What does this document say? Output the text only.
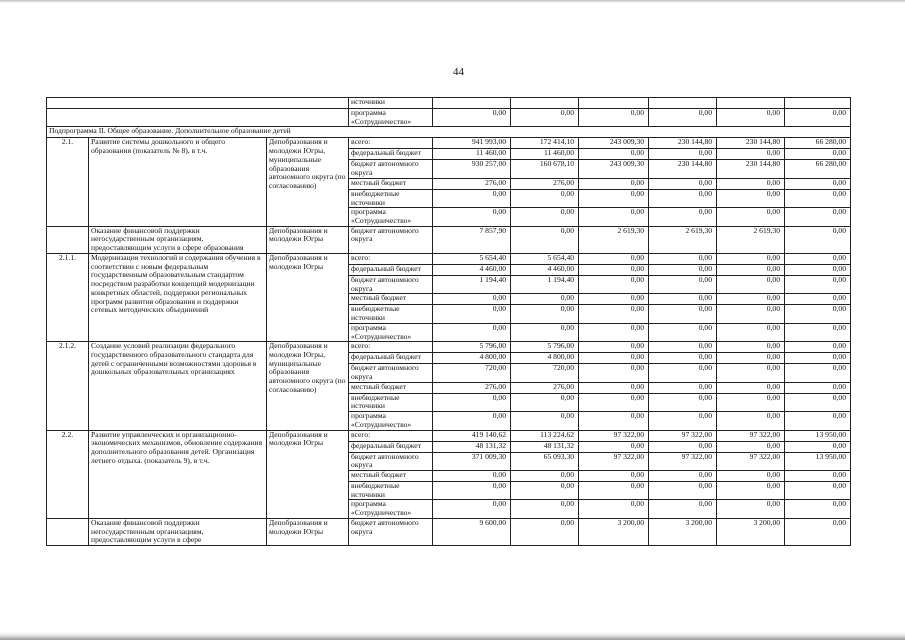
44
			источники						
			программа «Сотрудничество»	0,00	0,00	0,00	0,00	0,00	0,00
Подпрограмма II. Общее образование. Дополнительное образование детей									
2.1.	Развитие системы дошкольного и общего образования (показатель № 8), в т.ч.	Депобразования и молодежи Югры, муниципальные образования автономного округа (по согласованию)	всего:	941 993,00	172 414,10	243 009,30	230 144,80	230 144,80	66 280,00
			федеральный бюджет	11 460,00	11 460,00	0,00	0,00	0,00	0,00
			бюджет автономного округа	930 257,00	160 678,10	243 009,30	230 144,80	230 144,80	66 280,00
			местный бюджет	276,00	276,00	0,00	0,00	0,00	0,00
			внебюджетные источники	0,00	0,00	0,00	0,00	0,00	0,00
			программа «Сотрудничество»	0,00	0,00	0,00	0,00	0,00	0,00
	Оказание финансовой поддержки негосударственным организациям, предоставляющим услуги в сфере образования	Депобразования и молодежи Югры	бюджет автономного округа	7 857,90	0,00	2 619,30	2 619,30	2 619,30	0,00
2.1.1.	Модернизация технологий и содержания обучения в соответствии с новым федеральным государственным образовательным стандартом посредством разработки концепций модернизации конкретных областей, поддержки региональных программ развития образования и поддержки сетевых методических объединений	Депобразования и молодежи Югры	всего:	5 654,40	5 654,40	0,00	0,00	0,00	0,00
			федеральный бюджет	4 460,00	4 460,00	0,00	0,00	0,00	0,00
			бюджет автономного округа	1 194,40	1 194,40	0,00	0,00	0,00	0,00
			местный бюджет	0,00	0,00	0,00	0,00	0,00	0,00
			внебюджетные источники	0,00	0,00	0,00	0,00	0,00	0,00
			программа «Сотрудничество»	0,00	0,00	0,00	0,00	0,00	0,00
2.1.2.	Создание условий реализации федерального государственного образовательного стандарта для детей с ограниченными возможностями здоровья в дошкольных образовательных организациях	Депобразования и молодежи Югры, муниципальные образования автономного округа (по согласованию)	всего:	5 796,00	5 796,00	0,00	0,00	0,00	0,00
			федеральный бюджет	4 800,00	4 800,00	0,00	0,00	0,00	0,00
			бюджет автономного округа	720,00	720,00	0,00	0,00	0,00	0,00
			местный бюджет	276,00	276,00	0,00	0,00	0,00	0,00
			внебюджетные источники	0,00	0,00	0,00	0,00	0,00	0,00
			программа «Сотрудничество»	0,00	0,00	0,00	0,00	0,00	0,00
2.2.	Развитие управленческих и организационно-экономических механизмов, обновление содержания дополнительного образования детей. Организация летнего отдыха. (показатель 9), в т.ч.	Депобразования и молодежи Югры	всего:	419 140,62	113 224,62	97 322,00	97 322,00	97 322,00	13 950,00
			федеральный бюджет	48 131,32	48 131,32	0,00	0,00	0,00	0,00
			бюджет автономного округа	371 009,30	65 093,30	97 322,00	97 322,00	97 322,00	13 950,00
			местный бюджет	0,00	0,00	0,00	0,00	0,00	0,00
			внебюджетные источники	0,00	0,00	0,00	0,00	0,00	0,00
			программа «Сотрудничество»	0,00	0,00	0,00	0,00	0,00	0,00
	Оказание финансовой поддержки негосударственным организациям, предоставляющим услуги в сфере	Депобразования и молодежи Югры	бюджет автономного округа	9 600,00	0,00	3 200,00	3 200,00	3 200,00	0,00
